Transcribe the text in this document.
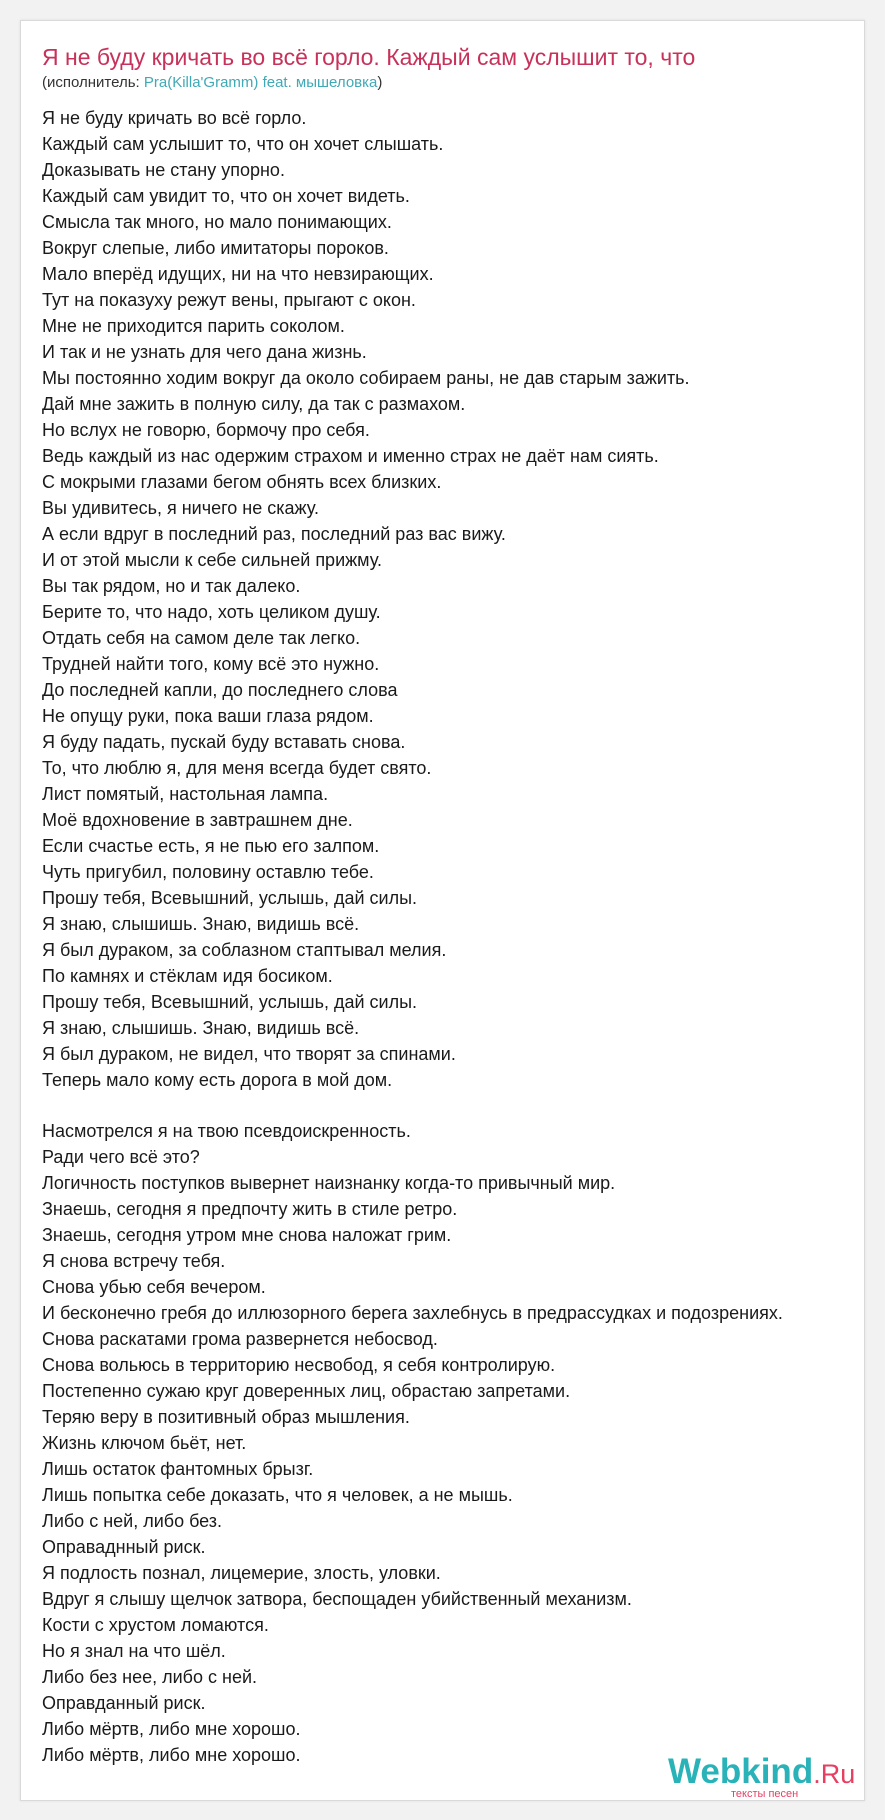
Я не буду кричать во всё горло. Каждый сам услышит то, что
(исполнитель: Pra(Killa'Gramm) feat. мышеловка)
Я не буду кричать во всё горло.
Каждый сам услышит то, что он хочет слышать.
Доказывать не стану упорно.
Каждый сам увидит то, что он хочет видеть.
Смысла так много, но мало понимающих.
Вокруг слепые, либо имитаторы пороков.
Мало вперёд идущих, ни на что невзирающих.
Тут на показуху режут вены, прыгают с окон.
Мне не приходится парить соколом.
И так и не узнать для чего дана жизнь.
Мы постоянно ходим вокруг да около собираем раны, не дав старым зажить.
Дай мне зажить в полную силу, да так с размахом.
Но вслух не говорю, бормочу про себя.
Ведь каждый из нас одержим страхом и именно страх не даёт нам сиять.
С мокрыми глазами бегом обнять всех близких.
Вы удивитесь, я ничего не скажу.
А если вдруг в последний раз, последний раз вас вижу.
И от этой мысли к себе сильней прижму.
Вы так рядом, но и так далеко.
Берите то, что надо, хоть целиком душу.
Отдать себя на самом деле так легко.
Трудней найти того, кому всё это нужно.
До последней капли, до последнего слова
Не опущу руки, пока ваши глаза рядом.
Я буду падать, пускай буду вставать снова.
То, что люблю я, для меня всегда будет свято.
Лист помятый, настольная лампа.
Моё вдохновение в завтрашнем дне.
Если счастье есть, я не пью его залпом.
Чуть пригубил, половину оставлю тебе.
Прошу тебя, Всевышний, услышь, дай силы.
Я знаю, слышишь. Знаю, видишь всё.
Я был дураком, за соблазном стаптывал мелия.
По камнях и стёклам идя босиком.
Прошу тебя, Всевышний, услышь, дай силы.
Я знаю, слышишь. Знаю, видишь всё.
Я был дураком, не видел, что творят за спинами.
Теперь мало кому есть дорога в мой дом.
Насмотрелся я на твою псевдоискренность.
Ради чего всё это?
Логичность поступков вывернет наизнанку когда-то привычный мир.
Знаешь, сегодня я предпочту жить в стиле ретро.
Знаешь, сегодня утром мне снова наложат грим.
Я снова встречу тебя.
Снова убью себя вечером.
И бесконечно гребя до иллюзорного берега захлебнусь в предрассудках и подозрениях.
Снова раскатами грома развернется небосвод.
Снова вольюсь в территорию несвобод, я себя контролирую.
Постепенно сужаю круг доверенных лиц, обрастаю запретами.
Теряю веру в позитивный образ мышления.
Жизнь ключом бьёт, нет.
Лишь остаток фантомных брызг.
Лишь попытка себе доказать, что я человек, а не мышь.
Либо с ней, либо без.
Оправаднный риск.
Я подлость познал, лицемерие, злость, уловки.
Вдруг я слышу щелчок затвора, беспощаден убийственный механизм.
Кости с хрустом ломаются.
Но я знал на что шёл.
Либо без нее, либо с ней.
Оправданный риск.
Либо мёртв, либо мне хорошо.
Либо мёртв, либо мне хорошо.	Webkind.Ru
тексты песен
